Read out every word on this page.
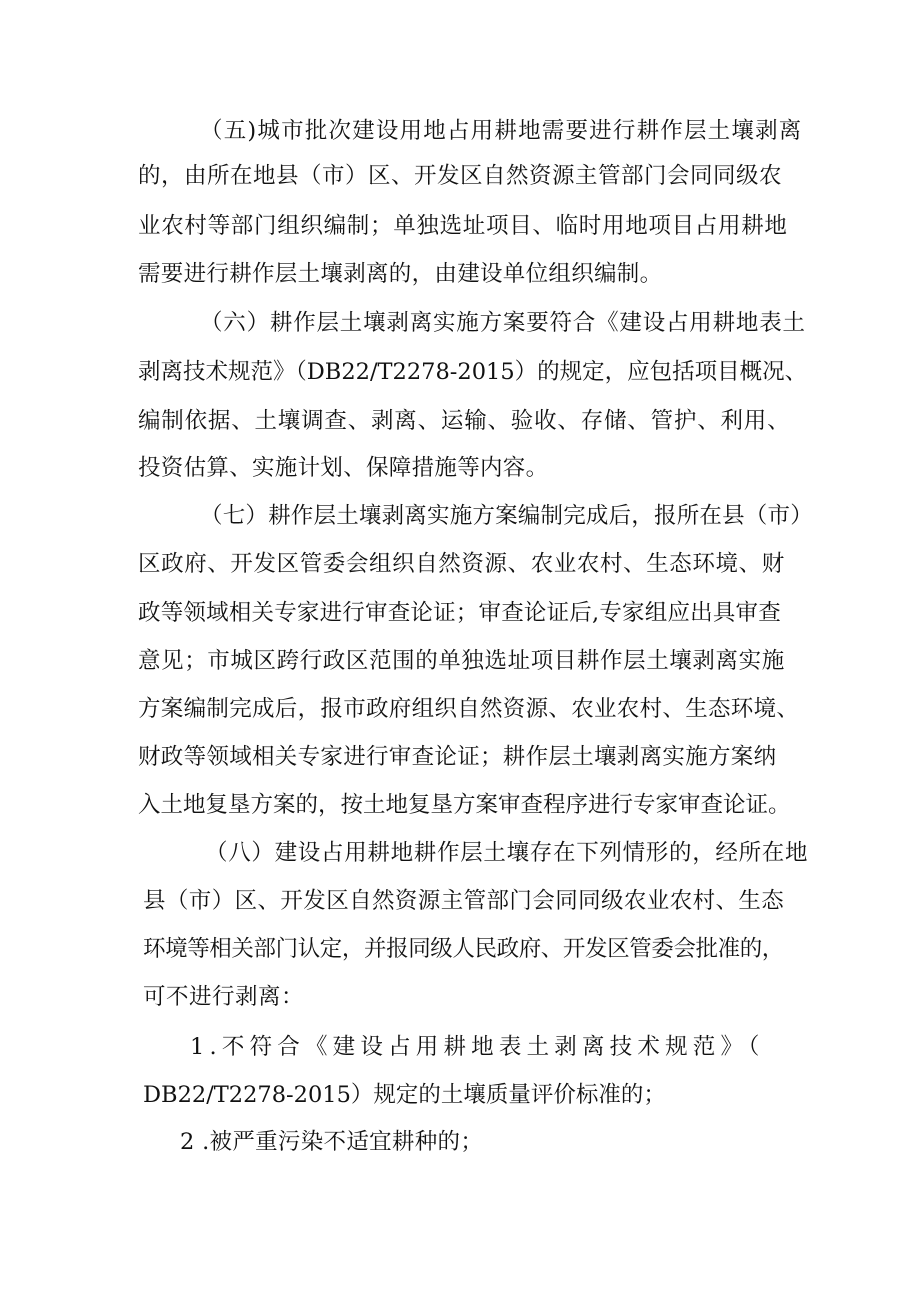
（五)城市批次建设用地占用耕地需要进行耕作层土壤剥离
的，由所在地县（市）区、开发区自然资源主管部门会同同级农
业农村等部门组织编制；单独选址项目、临时用地项目占用耕地
需要进行耕作层土壤剥离的，由建设单位组织编制。
（六）耕作层土壤剥离实施方案要符合《建设占用耕地表土
剥离技术规范》（DB22/T2278-2015）的规定，应包括项目概况、
编制依据、土壤调查、剥离、运输、验收、存储、管护、利用、
投资估算、实施计划、保障措施等内容。
（七）耕作层土壤剥离实施方案编制完成后，报所在县（市）
区政府、开发区管委会组织自然资源、农业农村、生态环境、财
政等领域相关专家进行审查论证；审查论证后,专家组应出具审查
意见；市城区跨行政区范围的单独选址项目耕作层土壤剥离实施
方案编制完成后，报市政府组织自然资源、农业农村、生态环境、
财政等领域相关专家进行审查论证；耕作层土壤剥离实施方案纳
入土地复垦方案的，按土地复垦方案审查程序进行专家审查论证。
（八）建设占用耕地耕作层土壤存在下列情形的，经所在地
县（市）区、开发区自然资源主管部门会同同级农业农村、生态
环境等相关部门认定，并报同级人民政府、开发区管委会批准的，
可不进行剥离：
1.不符合《建设占用耕地表土剥离技术规范》（
DB22/T2278-2015）规定的土壤质量评价标准的；
2 .被严重污染不适宜耕种的；
